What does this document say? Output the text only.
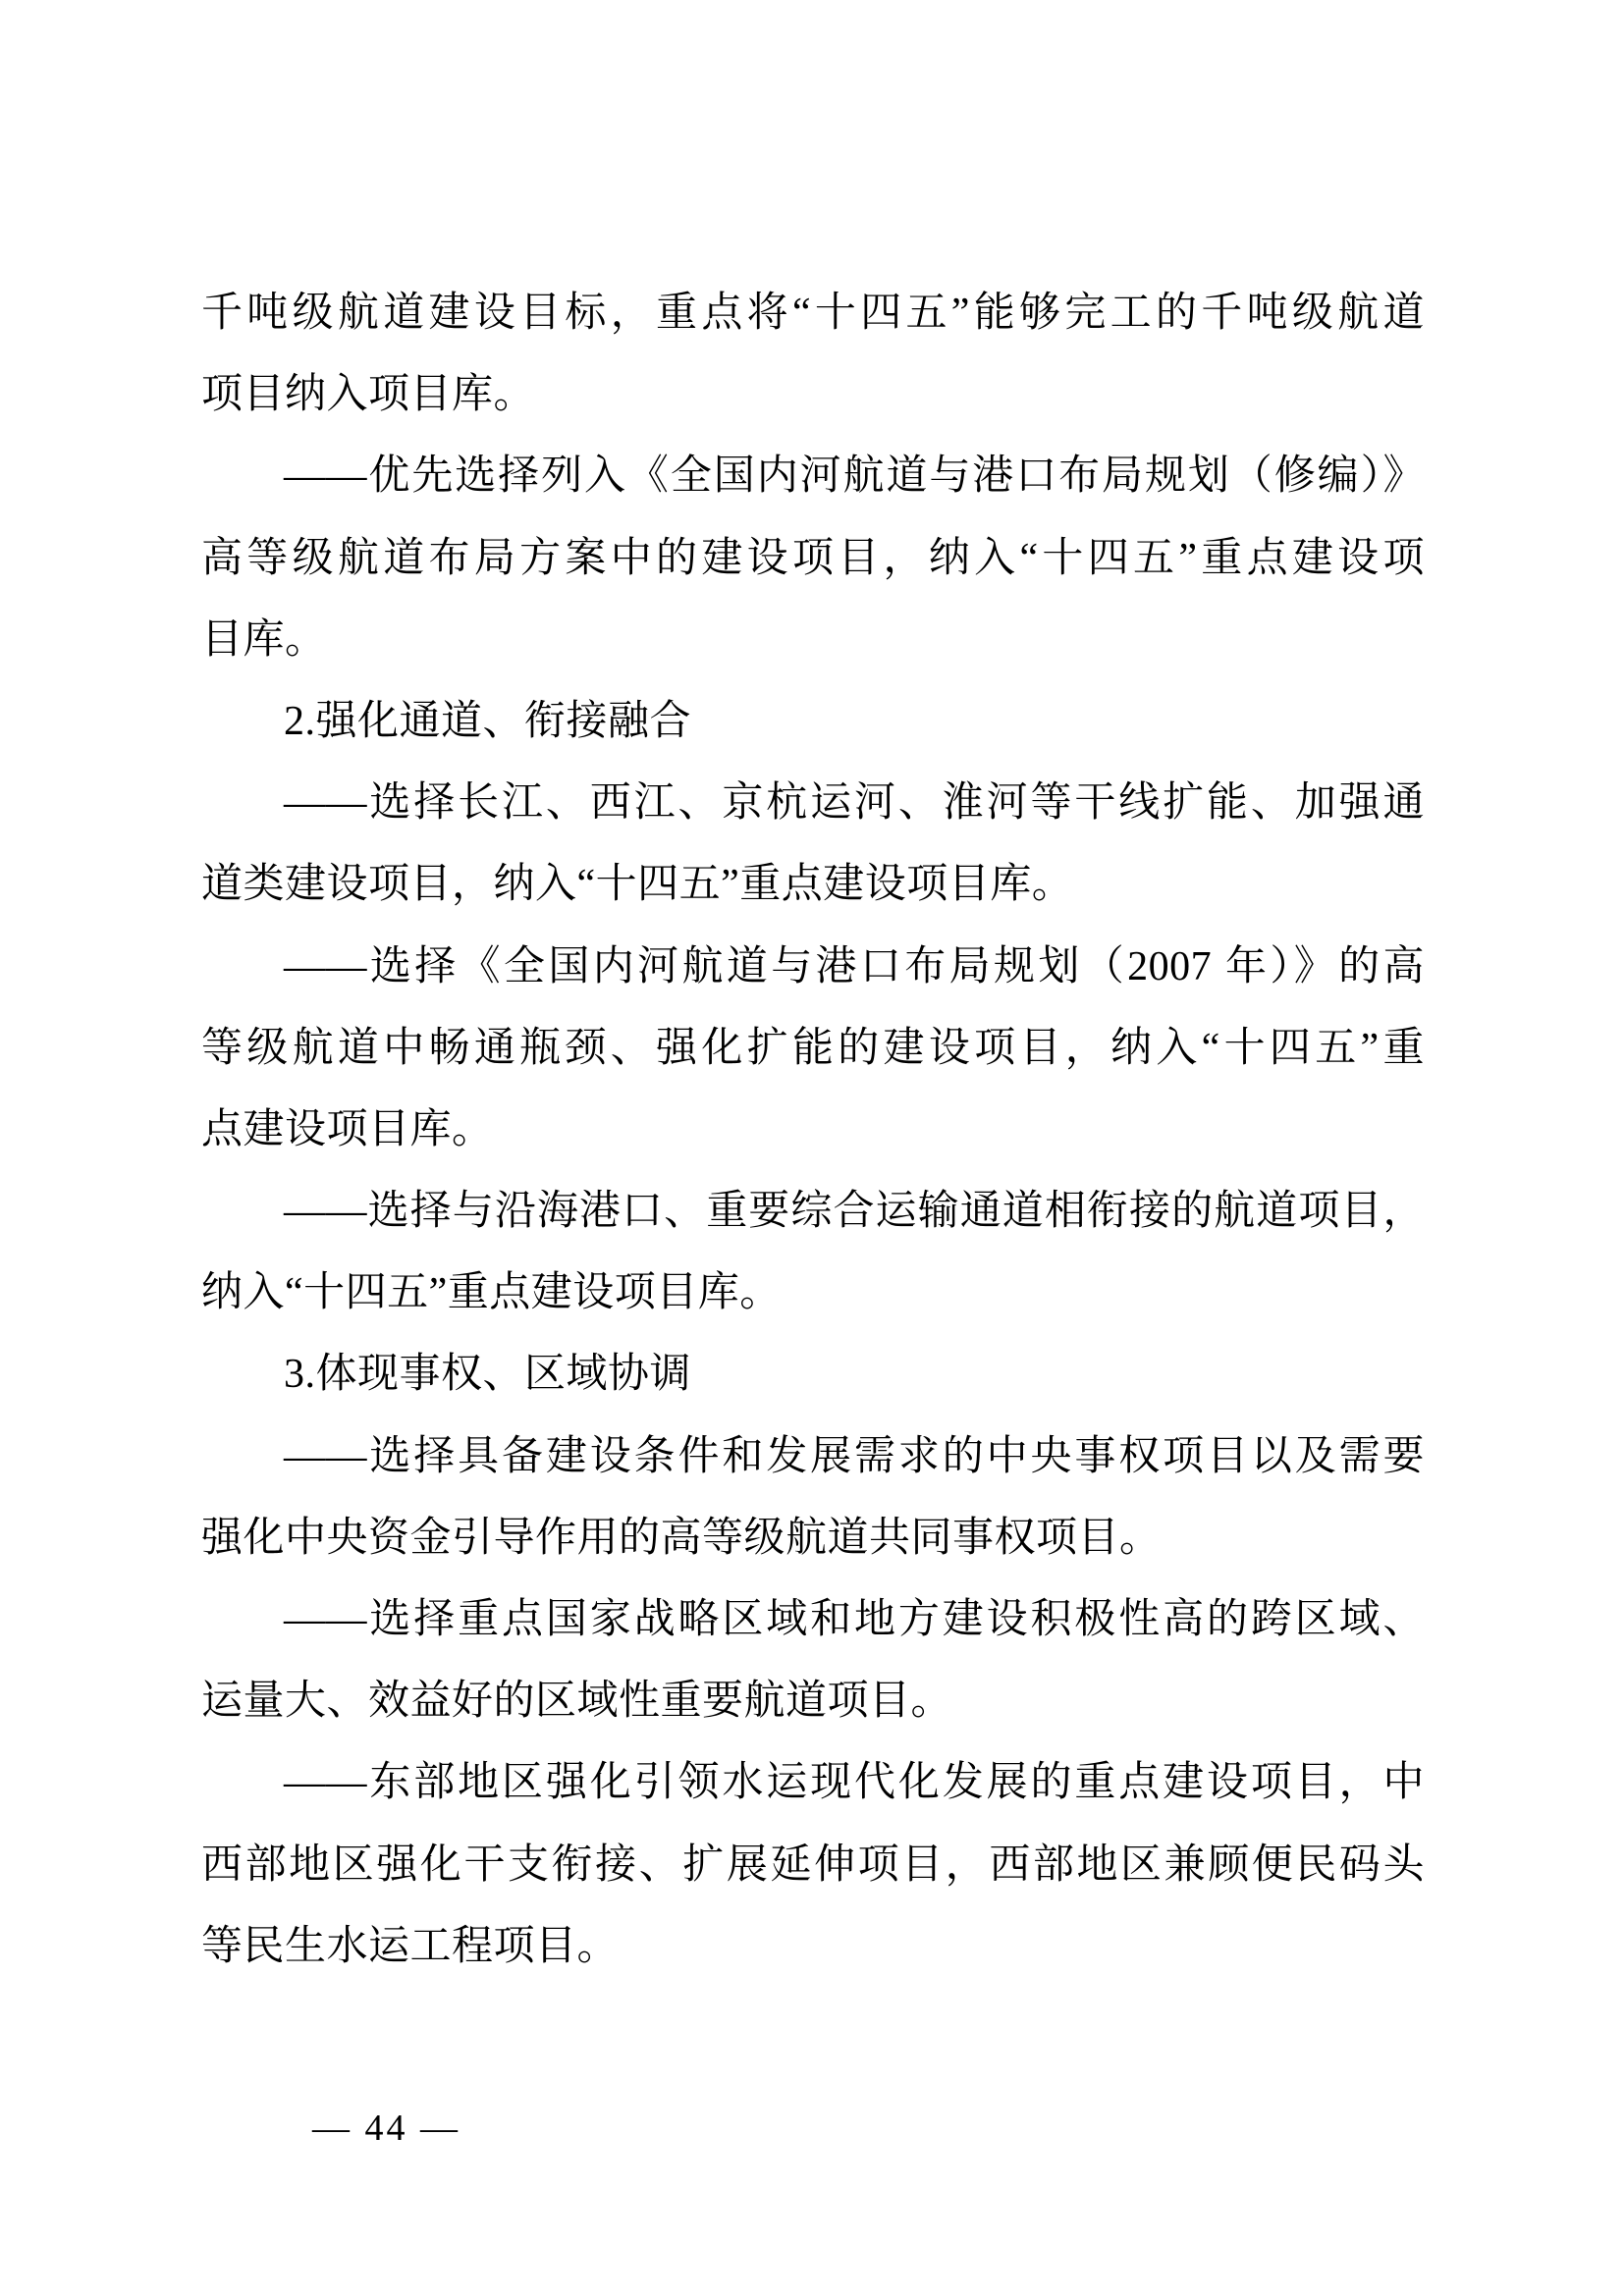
千吨级航道建设目标，重点将“十四五”能够完工的千吨级航道
项目纳入项目库。
——优先选择列入《全国内河航道与港口布局规划（修编）》
高等级航道布局方案中的建设项目，纳入“十四五”重点建设项
目库。
2.强化通道、衔接融合
——选择长江、西江、京杭运河、淮河等干线扩能、加强通
道类建设项目，纳入“十四五”重点建设项目库。
——选择《全国内河航道与港口布局规划（2007 年）》的高
等级航道中畅通瓶颈、强化扩能的建设项目，纳入“十四五”重
点建设项目库。
——选择与沿海港口、重要综合运输通道相衔接的航道项目，
纳入“十四五”重点建设项目库。
3.体现事权、区域协调
——选择具备建设条件和发展需求的中央事权项目以及需要
强化中央资金引导作用的高等级航道共同事权项目。
——选择重点国家战略区域和地方建设积极性高的跨区域、
运量大、效益好的区域性重要航道项目。
——东部地区强化引领水运现代化发展的重点建设项目，中
西部地区强化干支衔接、扩展延伸项目，西部地区兼顾便民码头
等民生水运工程项目。
— 44 —
